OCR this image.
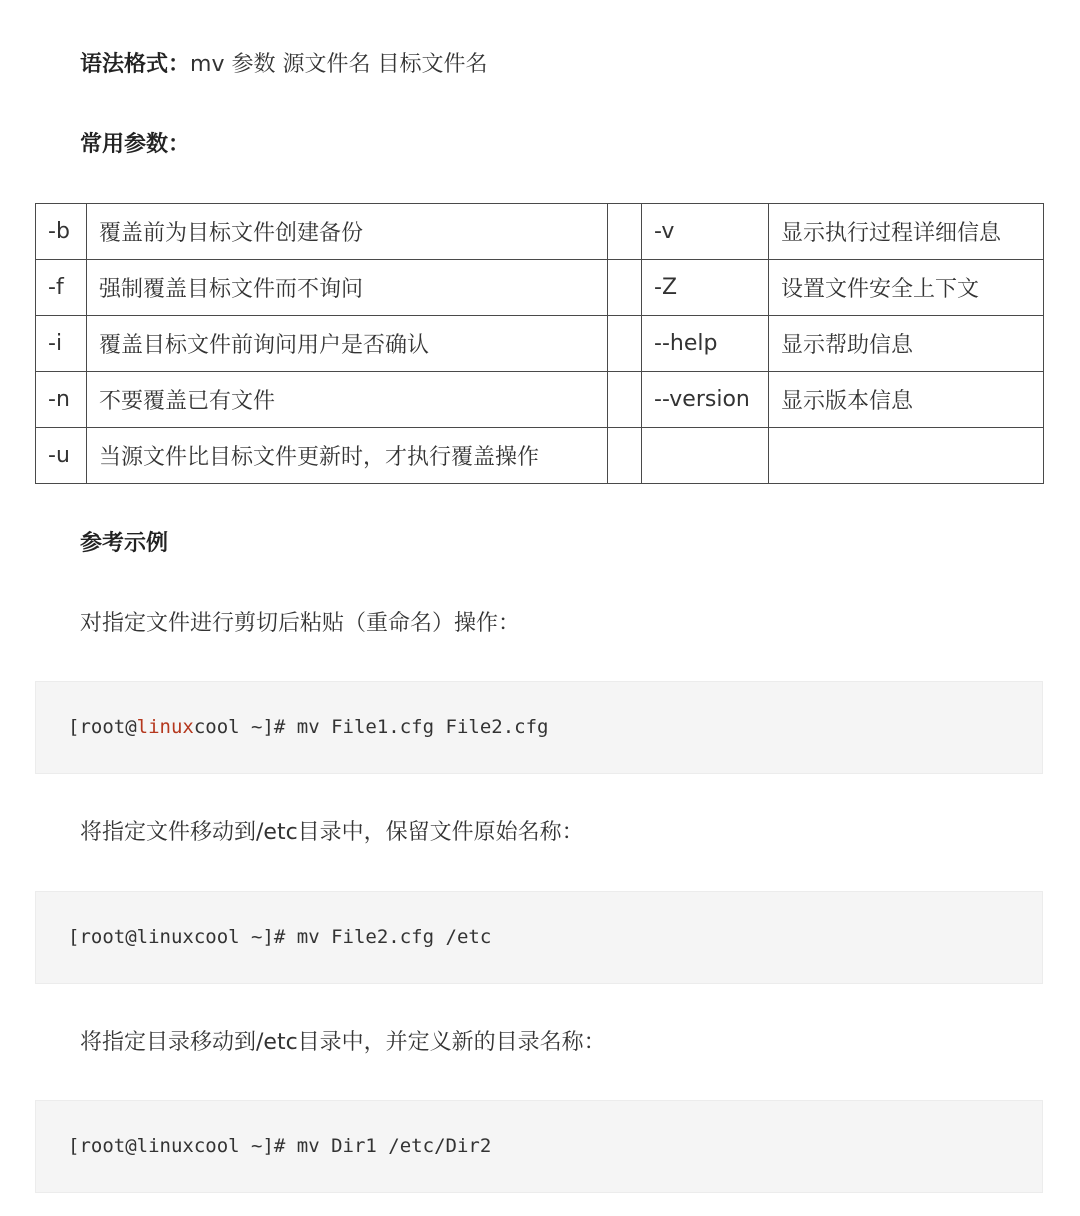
语法格式：mv 参数 源文件名 目标文件名
常用参数：
-b	覆盖前为目标文件创建备份		-v	显示执行过程详细信息
-f	强制覆盖目标文件而不询问		-Z	设置文件安全上下文
-i	覆盖目标文件前询问用户是否确认		--help	显示帮助信息
-n	不要覆盖已有文件		--version	显示版本信息
-u	当源文件比目标文件更新时，才执行覆盖操作			
参考示例
对指定文件进行剪切后粘贴（重命名）操作：
[root@linuxcool ~]# mv File1.cfg File2.cfg
将指定文件移动到/etc目录中，保留文件原始名称：
[root@linuxcool ~]# mv File2.cfg /etc
将指定目录移动到/etc目录中，并定义新的目录名称：
[root@linuxcool ~]# mv Dir1 /etc/Dir2
